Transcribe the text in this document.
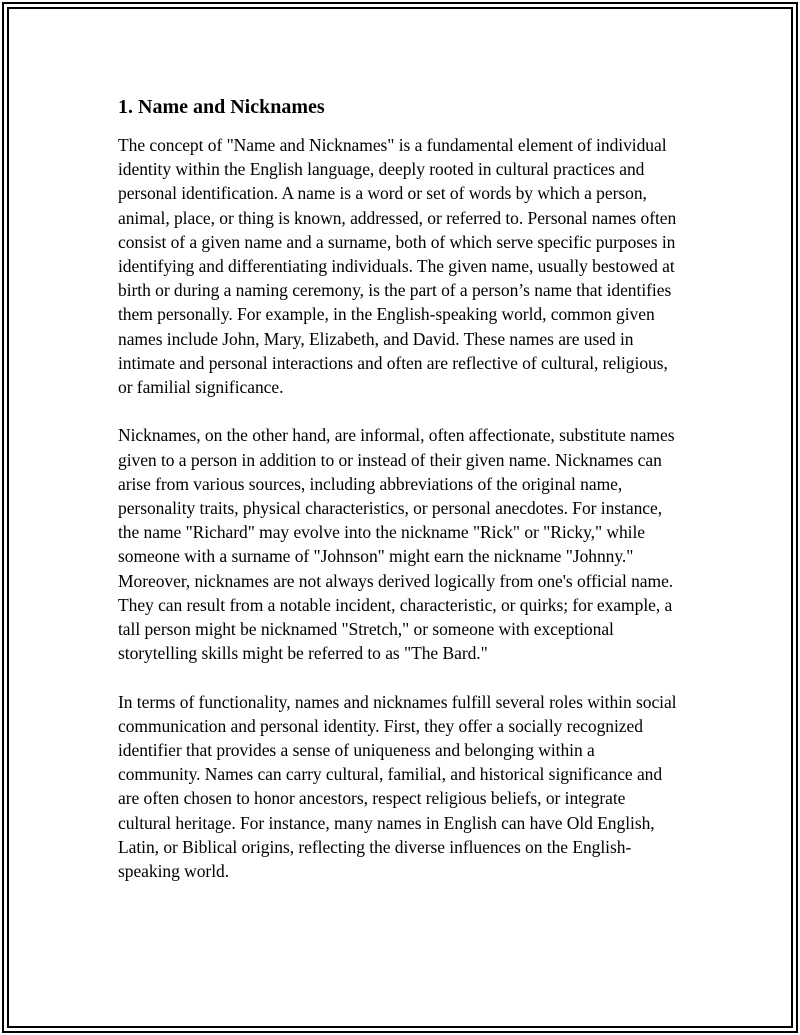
1. Name and Nicknames

The concept of "Name and Nicknames" is a fundamental element of individual identity within the English language, deeply rooted in cultural practices and personal identification. A name is a word or set of words by which a person, animal, place, or thing is known, addressed, or referred to. Personal names often consist of a given name and a surname, both of which serve specific purposes in identifying and differentiating individuals. The given name, usually bestowed at birth or during a naming ceremony, is the part of a person’s name that identifies them personally. For example, in the English-speaking world, common given names include John, Mary, Elizabeth, and David. These names are used in intimate and personal interactions and often are reflective of cultural, religious, or familial significance.

Nicknames, on the other hand, are informal, often affectionate, substitute names given to a person in addition to or instead of their given name. Nicknames can arise from various sources, including abbreviations of the original name, personality traits, physical characteristics, or personal anecdotes. For instance, the name "Richard" may evolve into the nickname "Rick" or "Ricky," while someone with a surname of "Johnson" might earn the nickname "Johnny." Moreover, nicknames are not always derived logically from one's official name. They can result from a notable incident, characteristic, or quirks; for example, a tall person might be nicknamed "Stretch," or someone with exceptional storytelling skills might be referred to as "The Bard."

In terms of functionality, names and nicknames fulfill several roles within social communication and personal identity. First, they offer a socially recognized identifier that provides a sense of uniqueness and belonging within a community. Names can carry cultural, familial, and historical significance and are often chosen to honor ancestors, respect religious beliefs, or integrate cultural heritage. For instance, many names in English can have Old English, Latin, or Biblical origins, reflecting the diverse influences on the English-speaking world.
